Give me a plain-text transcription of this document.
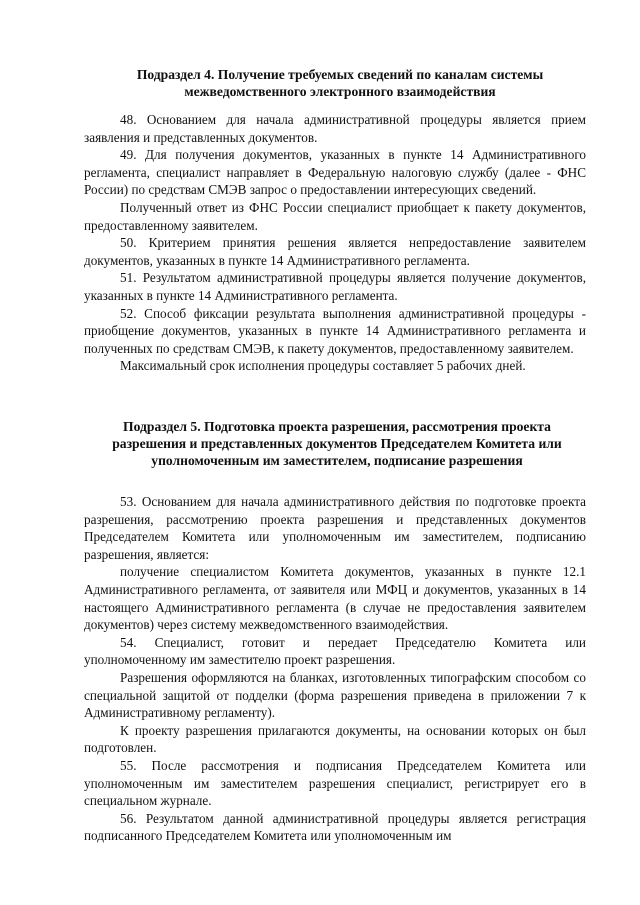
Подраздел 4. Получение требуемых сведений по каналам системы
межведомственного электронного взаимодействия

48. Основанием для начала административной процедуры является прием заявления и представленных документов.

49. Для получения документов, указанных в пункте 14 Административного регламента, специалист направляет в Федеральную налоговую службу (далее - ФНС России) по средствам СМЭВ запрос о предоставлении интересующих сведений.

Полученный ответ из ФНС России специалист приобщает к пакету документов, предоставленному заявителем.

50. Критерием принятия решения является непредоставление заявителем документов, указанных в пункте 14 Административного регламента.

51. Результатом административной процедуры является получение документов, указанных в пункте 14 Административного регламента.

52. Способ фиксации результата выполнения административной процедуры - приобщение документов, указанных в пункте 14 Административного регламента и полученных по средствам СМЭВ, к пакету документов, предоставленному заявителем.

Максимальный срок исполнения процедуры составляет 5 рабочих дней.

Подраздел 5. Подготовка проекта разрешения, рассмотрения проекта
разрешения и представленных документов Председателем Комитета или
уполномоченным им заместителем, подписание разрешения

53. Основанием для начала административного действия по подготовке проекта разрешения, рассмотрению проекта разрешения и представленных документов Председателем Комитета или уполномоченным им заместителем, подписанию разрешения, является:

получение специалистом Комитета документов, указанных в пункте 12.1 Административного регламента, от заявителя или МФЦ и документов, указанных в 14 настоящего Административного регламента (в случае не предоставления заявителем документов) через систему межведомственного взаимодействия.

54. Специалист, готовит и передает Председателю Комитета или уполномоченному им заместителю проект разрешения.

Разрешения оформляются на бланках, изготовленных типографским способом со специальной защитой от подделки (форма разрешения приведена в приложении 7 к Административному регламенту).

К проекту разрешения прилагаются документы, на основании которых он был подготовлен.

55. После рассмотрения и подписания Председателем Комитета или уполномоченным им заместителем разрешения специалист, регистрирует его в специальном журнале.

56. Результатом данной административной процедуры является регистрация подписанного Председателем Комитета или уполномоченным им
